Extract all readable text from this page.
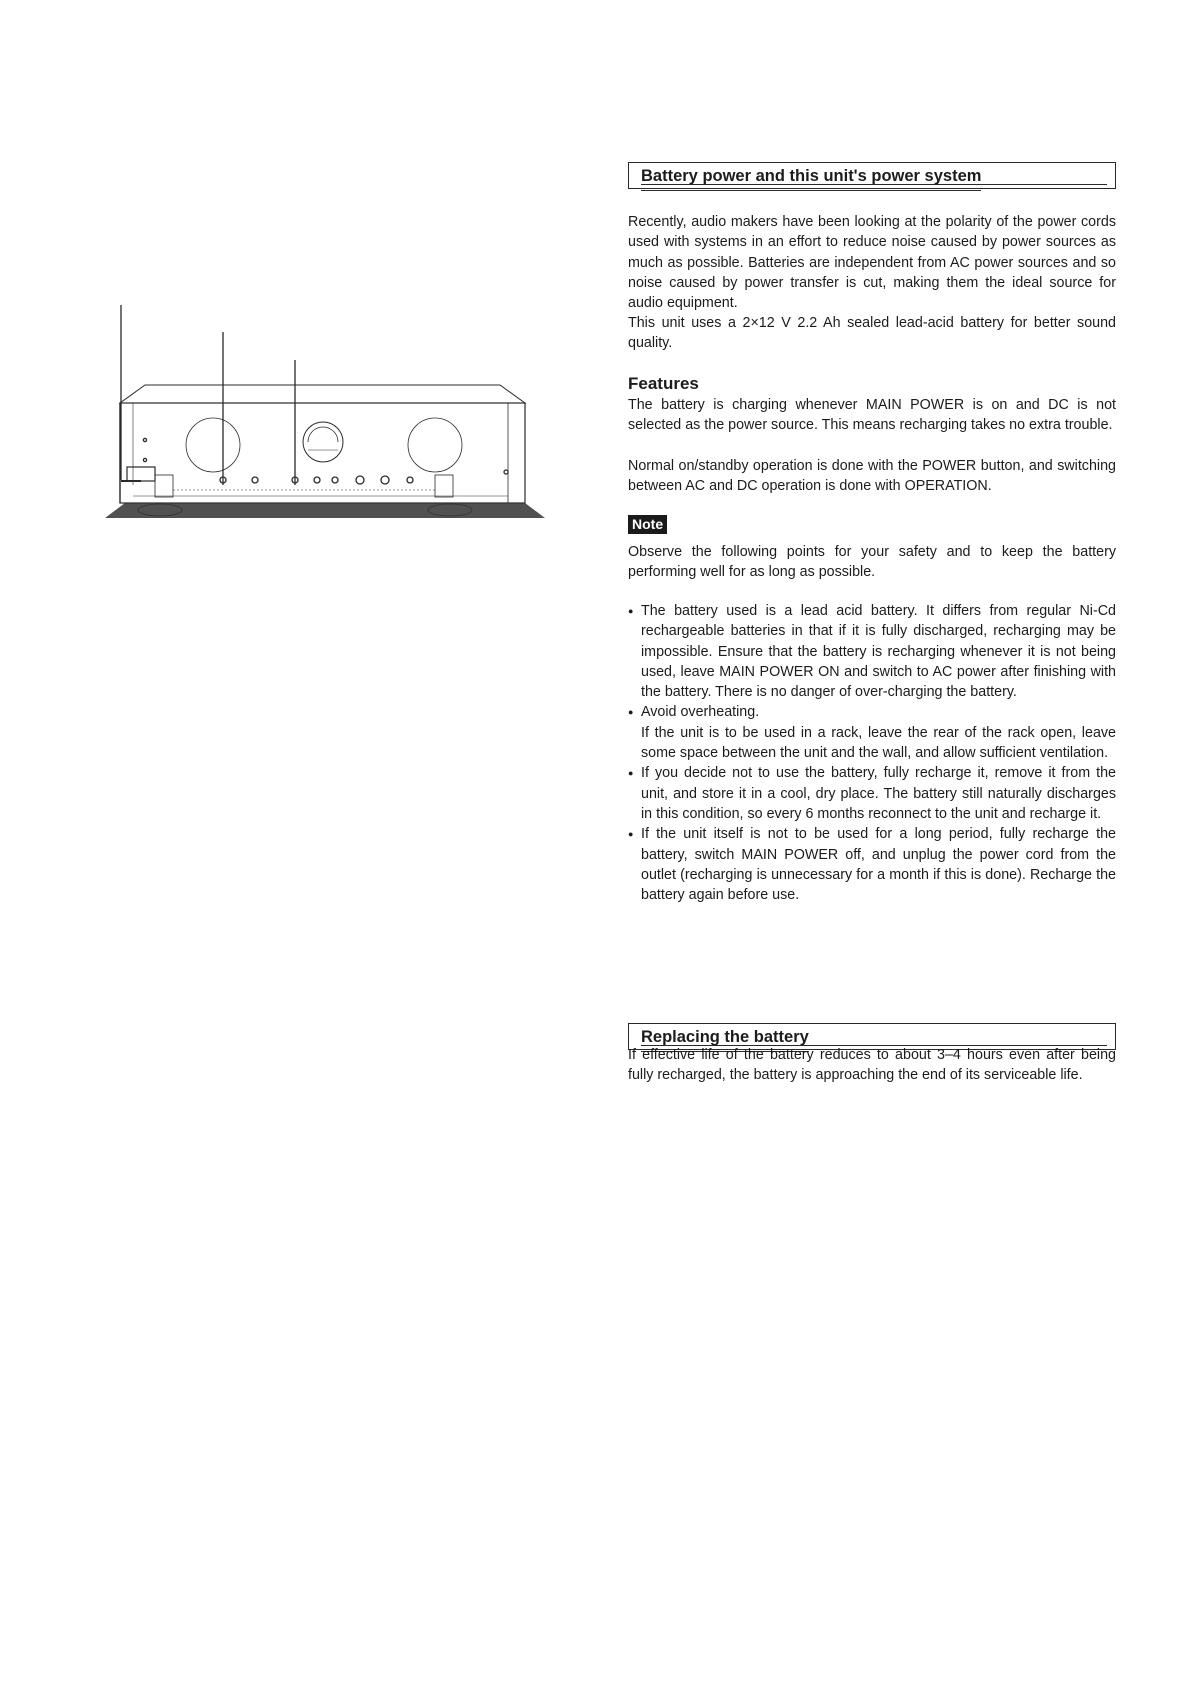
Battery power and this unit's power system

Recently, audio makers have been looking at the polarity of the power cords used with systems in an effort to reduce noise caused by power sources as much as possible. Batteries are independent from AC power sources and so noise caused by power transfer is cut, making them the ideal source for audio equipment.

This unit uses a 2×12 V 2.2 Ah sealed lead-acid battery for better sound quality.

Features

The battery is charging whenever MAIN POWER is on and DC is not selected as the power source. This means recharging takes no extra trouble.

Normal on/standby operation is done with the POWER button, and switching between AC and DC operation is done with OPERATION.

Note

Observe the following points for your safety and to keep the battery performing well for as long as possible.

● The battery used is a lead acid battery. It differs from regular Ni-Cd rechargeable batteries in that if it is fully discharged, recharging may be impossible. Ensure that the battery is recharging whenever it is not being used, leave MAIN POWER ON and switch to AC power after finishing with the battery. There is no danger of over-charging the battery.
● Avoid overheating.
If the unit is to be used in a rack, leave the rear of the rack open, leave some space between the unit and the wall, and allow sufficient ventilation.
● If you decide not to use the battery, fully recharge it, remove it from the unit, and store it in a cool, dry place. The battery still naturally discharges in this condition, so every 6 months reconnect to the unit and recharge it.
● If the unit itself is not to be used for a long period, fully recharge the battery, switch MAIN POWER off, and unplug the power cord from the outlet (recharging is unnecessary for a month if this is done). Recharge the battery again before use.
Replacing the battery

If effective life of the battery reduces to about 3–4 hours even after being fully recharged, the battery is approaching the end of its serviceable life.
